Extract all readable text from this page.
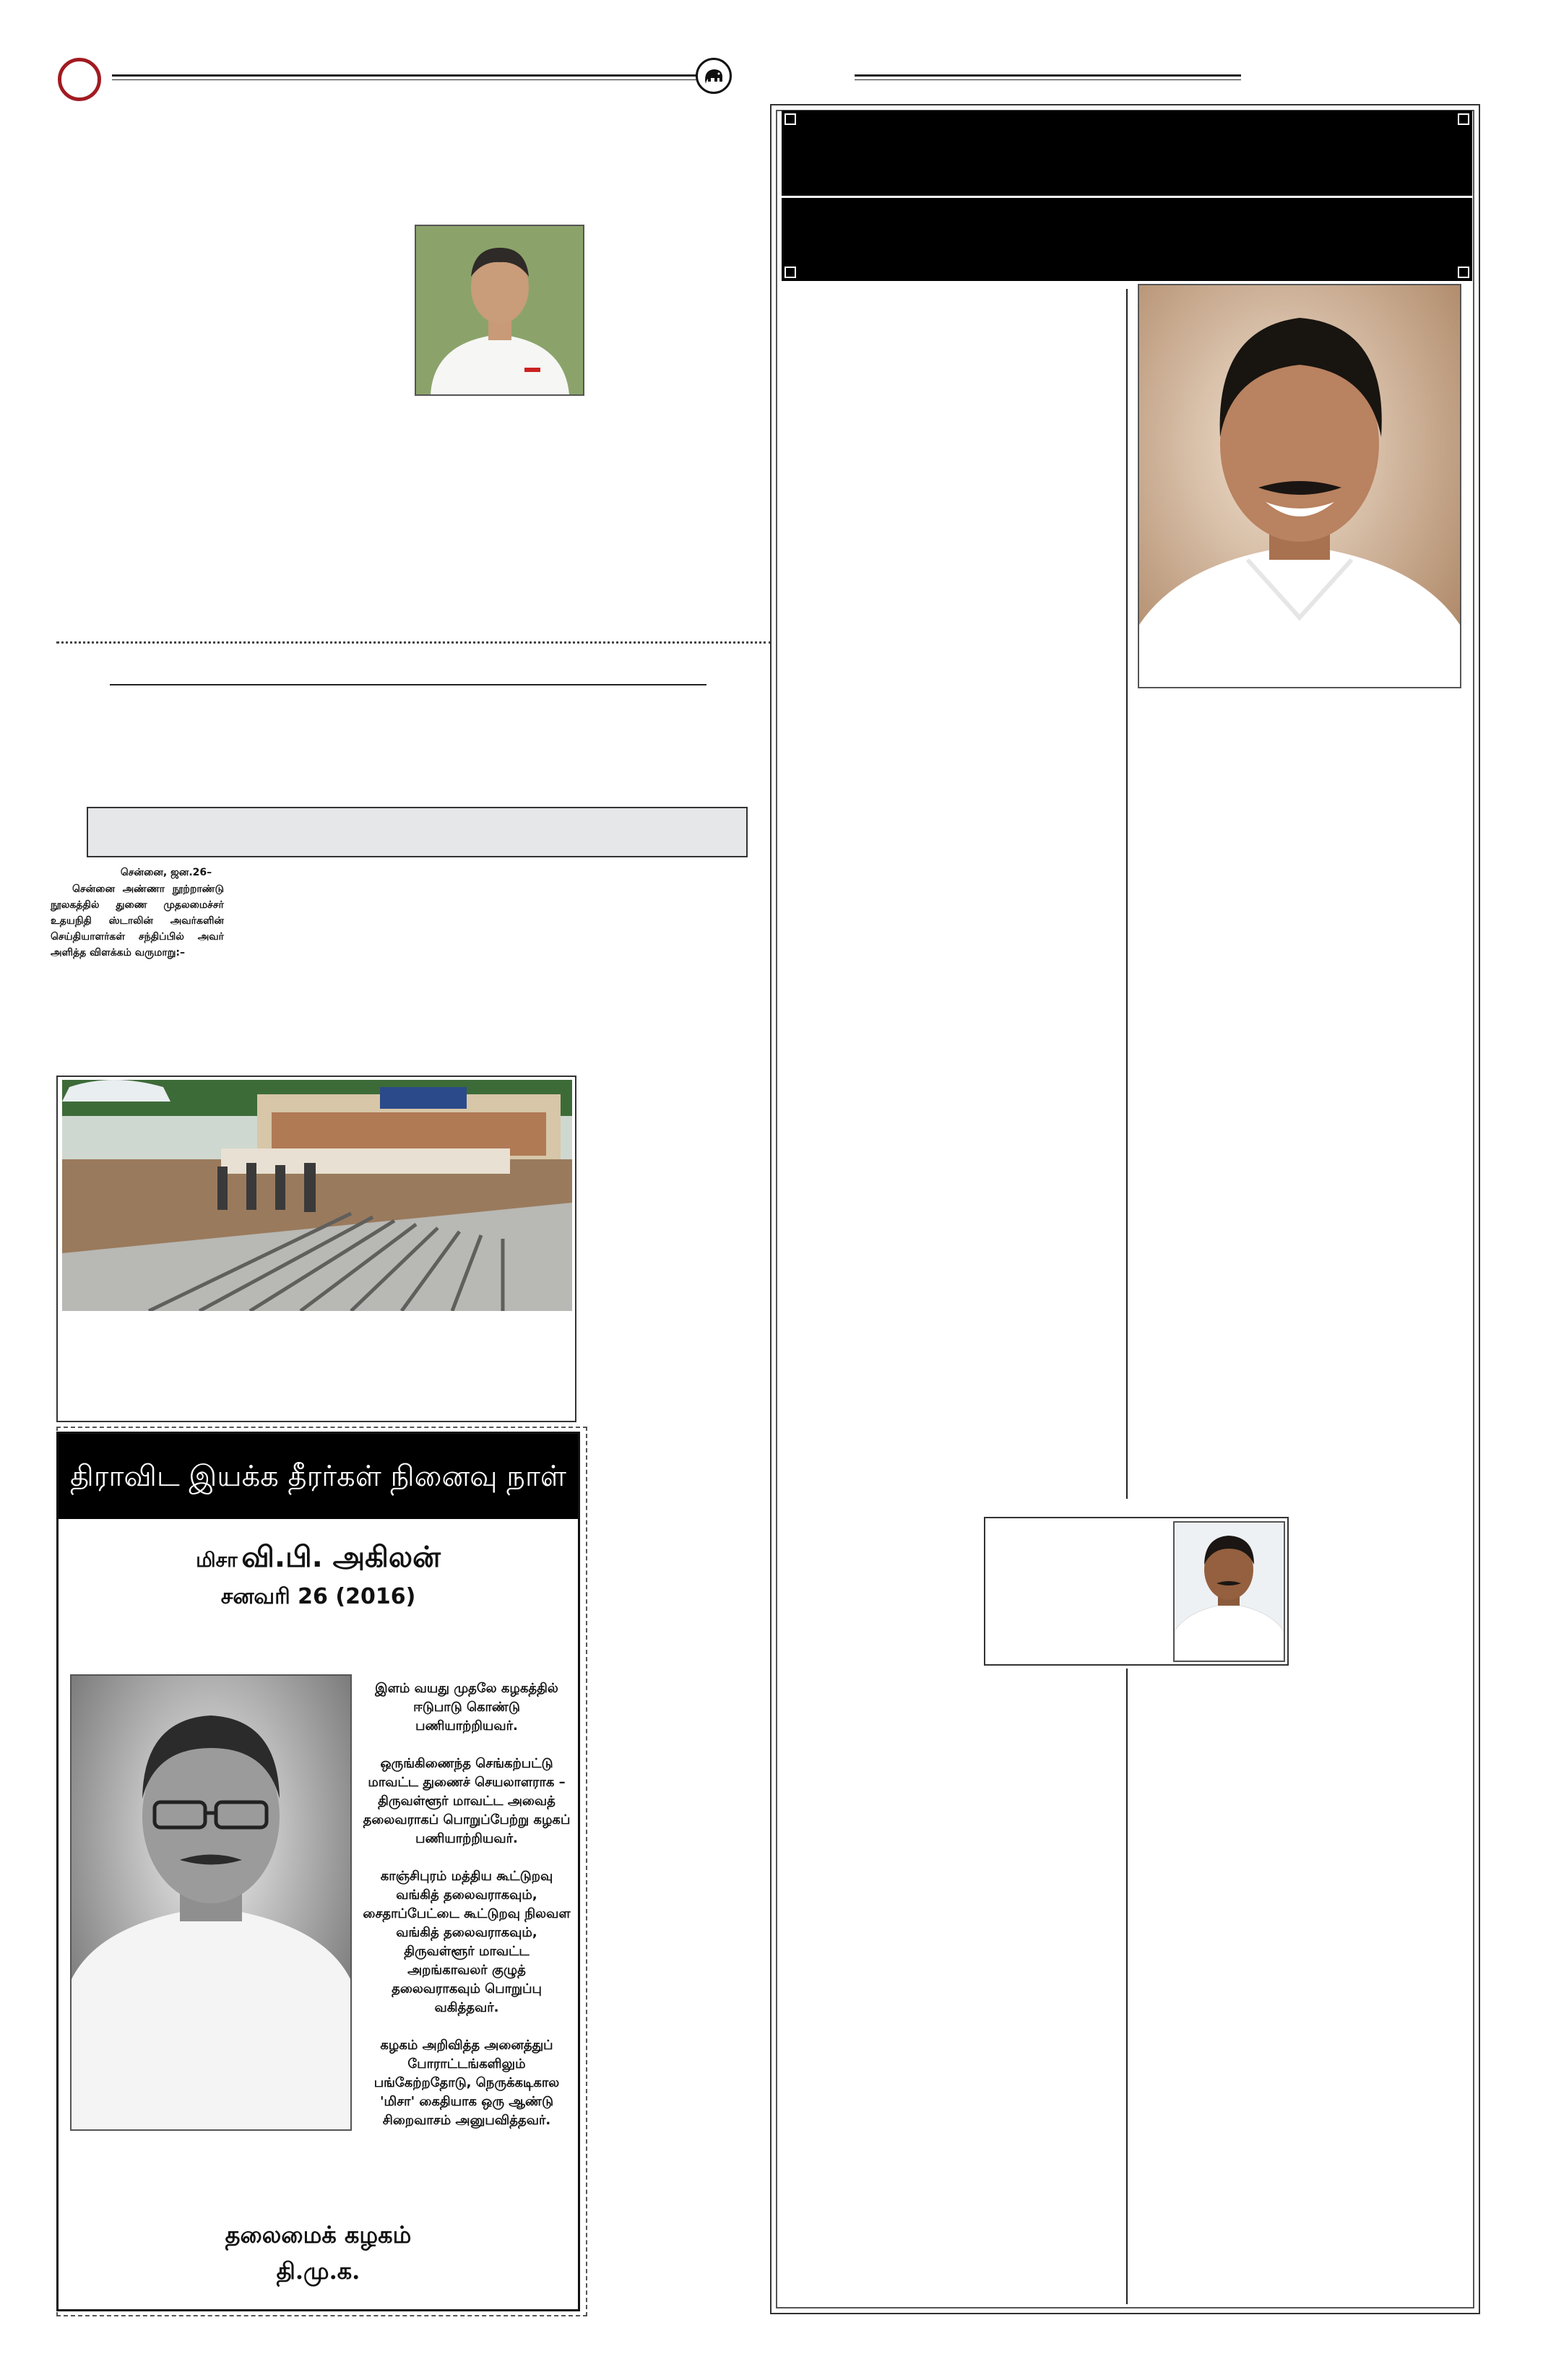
சென்னை, ஜன.26–
சென்னை அண்ணா நூற்றாண்டு நூலகத்தில் துணை முதலமைச்சர் உதயநிதி ஸ்டாலின் அவர்களின் செய்தியாளர்கள் சந்திப்பில் அவர் அளித்த விளக்கம் வருமாறு:–
திராவிட இயக்க தீரர்கள் நினைவு நாள்
மிசா வி.பி. அகிலன்
சனவரி 26 (2016)

இளம் வயது முதலே கழகத்தில் ஈடுபாடு கொண்டு பணியாற்றியவர்.

ஒருங்கிணைந்த செங்கற்பட்டு மாவட்ட துணைச் செயலாளராக – திருவள்ளூர் மாவட்ட அவைத் தலைவராகப் பொறுப்பேற்று கழகப் பணியாற்றியவர்.

காஞ்சிபுரம் மத்திய கூட்டுறவு வங்கித் தலைவராகவும், சைதாப்பேட்டை கூட்டுறவு நிலவள வங்கித் தலைவராகவும், திருவள்ளூர் மாவட்ட அறங்காவலர் குழுத் தலைவராகவும் பொறுப்பு வகித்தவர்.

கழகம் அறிவித்த அனைத்துப் போராட்டங்களிலும் பங்கேற்றதோடு, நெருக்கடிகால 'மிசா' கைதியாக ஒரு ஆண்டு சிறைவாசம் அனுபவித்தவர்.

தலைமைக் கழகம்
தி.மு.க.
